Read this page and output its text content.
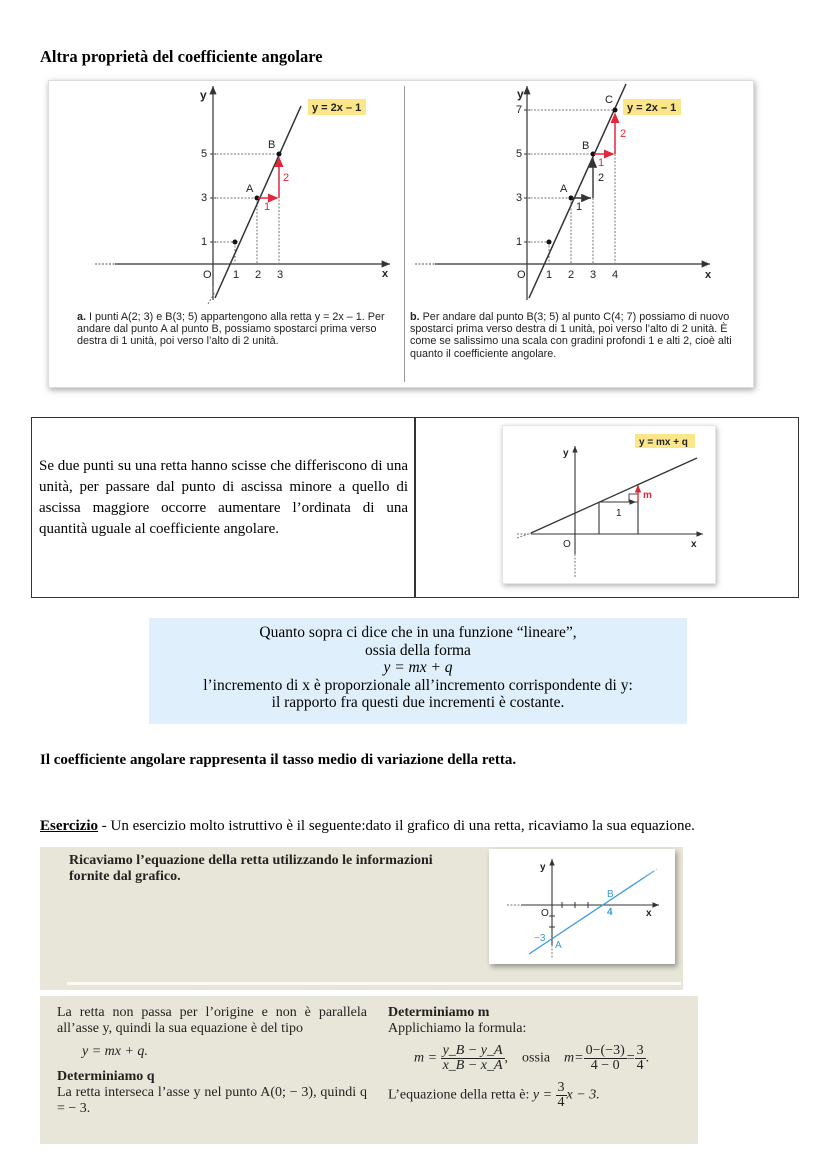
Altra proprietà del coefficiente angolare
y
x
O 1 2 3
1
3
5
A
B
1
2
y = 2x – 1
a. I punti A(2; 3) e B(3; 5) appartengono alla retta y = 2x – 1. Per andare dal punto A al punto B, possiamo spostarci prima verso destra di 1 unità, poi verso l’alto di 2 unità.
y
x
O 1 2 3 4
1
3
5
7
A
B
C
1
2
1
2
y = 2x – 1
b. Per andare dal punto B(3; 5) al punto C(4; 7) possiamo di nuovo spostarci prima verso destra di 1 unità, poi verso l’alto di 2 unità. È come se salissimo una scala con gradini profondi 1 e alti 2, cioè alti quanto il coefficiente angolare.
Se due punti su una retta hanno scisse che differiscono di una unità, per passare dal punto di ascissa minore a quello di ascissa maggiore occorre aumentare l’ordinata di una quantità uguale al coefficiente angolare.
y
x
O
1
m
y = mx + q
Quanto sopra ci dice che in una funzione “lineare”,
ossia della forma
y = mx + q
l’incremento di x è proporzionale all’incremento corrispondente di y:
il rapporto fra questi due incrementi è costante.
Il coefficiente angolare rappresenta il tasso medio di variazione della retta.
Esercizio - Un esercizio molto istruttivo è il seguente:dato il grafico di una retta, ricaviamo la sua equazione.
Ricaviamo l’equazione della retta utilizzando le informazioni fornite dal grafico.
y
x
O
−3
A
B
4
La retta non passa per l’origine e non è parallela all’asse y, quindi la sua equazione è del tipo
y = mx + q.
Determiniamo q
La retta interseca l’asse y nel punto A(0; − 3), quindi q = − 3.
Determiniamo m
Applichiamo la formula:
$m = \frac{y\_B - y\_A}{x\_B - x\_A}$ ,    ossia $m= \frac{0-(-3)}{4 - 0} = \frac{3}{4}$ .
L’equazione della retta è: $y = \frac{3}{4}$ x − 3.
